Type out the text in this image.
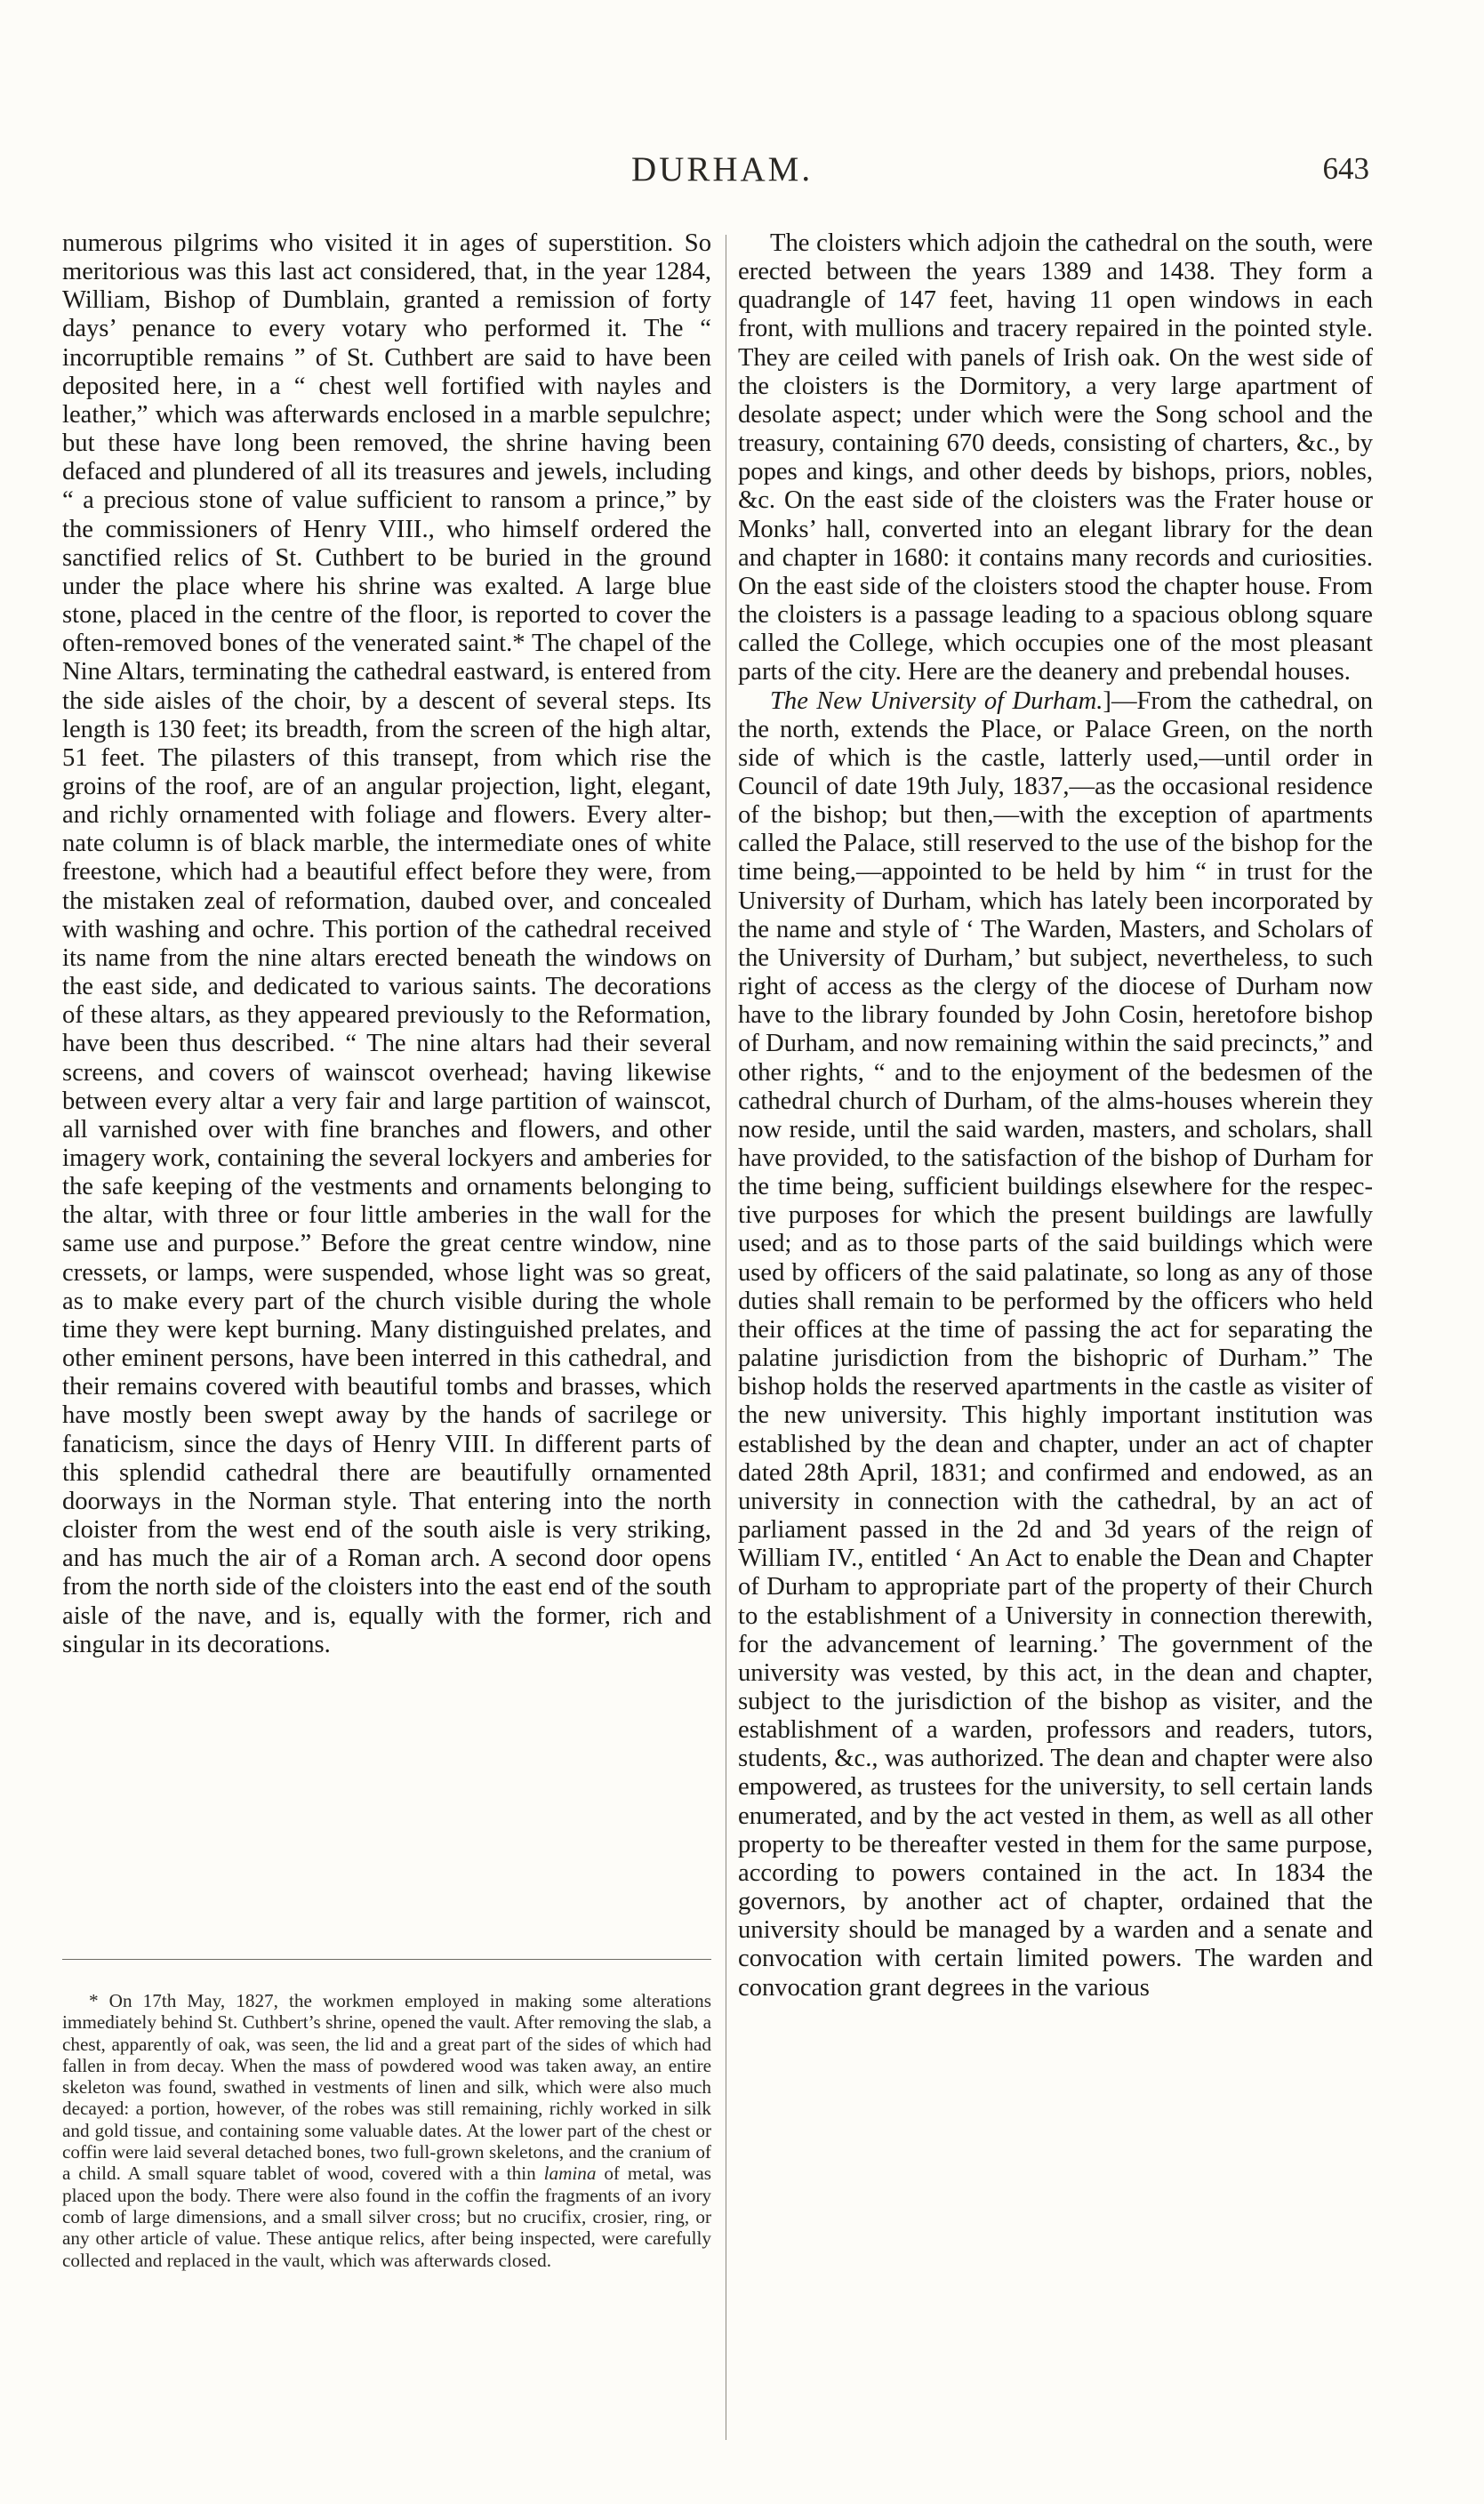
DURHAM.	643

numerous pilgrims who visited it in ages of superstition. So meritorious was this last act considered, that, in the year 1284, William, Bishop of Dumblain, granted a remission of forty days’ penance to every votary who performed it. The “ incorruptible remains ” of St. Cuthbert are said to have been deposited here, in a “ chest well fortified with nayles and leather,” which was afterwards enclosed in a marble sepulchre; but these have long been removed, the shrine having been defaced and plundered of all its treasures and jewels, including “ a precious stone of value sufficient to ransom a prince,” by the commissioners of Henry VIII., who himself ordered the sanctified relics of St. Cuthbert to be buried in the ground under the place where his shrine was exalted. A large blue stone, placed in the centre of the floor, is reported to cover the often-removed bones of the venerated saint.* The chapel of the Nine Altars, terminating the cathedral eastward, is entered from the side aisles of the choir, by a descent of several steps. Its length is 130 feet; its breadth, from the screen of the high altar, 51 feet. The pilasters of this transept, from which rise the groins of the roof, are of an angular projection, light, elegant, and richly ornamented with foliage and flowers. Every alternate column is of black marble, the intermediate ones of white freestone, which had a beautiful effect before they were, from the mistaken zeal of reformation, daubed over, and concealed with washing and ochre. This portion of the cathedral received its name from the nine altars erected beneath the windows on the east side, and dedicated to various saints. The decorations of these altars, as they appeared previously to the Reformation, have been thus described. “ The nine altars had their several screens, and covers of wainscot overhead; having likewise between every altar a very fair and large partition of wainscot, all varnished over with fine branches and flowers, and other imagery work, containing the several lockyers and amberies for the safe keeping of the vestments and ornaments belonging to the altar, with three or four little amberies in the wall for the same use and purpose.” Before the great centre window, nine cressets, or lamps, were suspended, whose light was so great, as to make every part of the church visible during the whole time they were kept burning. Many distinguished prelates, and other eminent persons, have been interred in this cathedral, and their remains covered with beautiful tombs and brasses, which have mostly been swept away by the hands of sacrilege or fanaticism, since the days of Henry VIII. In different parts of this splendid cathedral there are beautifully ornamented doorways in the Norman style. That entering into the north cloister from the west end of the south aisle is very striking, and has much the air of a Roman arch. A second door opens from the north side of the cloisters into the east end of the south aisle of the nave, and is, equally with the former, rich and singular in its decorations.

The cloisters which adjoin the cathedral on the south, were erected between the years 1389 and 1438. They form a quadrangle of 147 feet, having 11 open windows in each front, with mullions and tracery repaired in the pointed style. They are ceiled with panels of Irish oak. On the west side of the cloisters is the Dormitory, a very large apartment of desolate aspect; under which were the Song school and the treasury, containing 670 deeds, consisting of charters, &c., by popes and kings, and other deeds by bishops, priors, nobles, &c. On the east side of the cloisters was the Frater house or Monks’ hall, converted into an elegant library for the dean and chapter in 1680: it contains many records and curiosities. On the east side of the cloisters stood the chapter house. From the cloisters is a passage leading to a spacious oblong square called the College, which occupies one of the most pleasant parts of the city. Here are the deanery and prebendal houses.

The New University of Durham.]—From the cathedral, on the north, extends the Place, or Palace Green, on the north side of which is the castle, latterly used,—until order in Council of date 19th July, 1837,—as the occasional residence of the bishop; but then,—with the exception of apartments called the Palace, still reserved to the use of the bishop for the time being,—appointed to be held by him “ in trust for the University of Durham, which has lately been incorporated by the name and style of ‘ The Warden, Masters, and Scholars of the University of Durham,’ but subject, nevertheless, to such right of access as the clergy of the diocese of Durham now have to the library founded by John Cosin, heretofore bishop of Durham, and now remaining within the said precincts,” and other rights, “ and to the enjoyment of the bedesmen of the cathedral church of Durham, of the alms-houses wherein they now reside, until the said warden, masters, and scholars, shall have provided, to the satisfaction of the bishop of Durham for the time being, sufficient buildings elsewhere for the respective purposes for which the present buildings are lawfully used; and as to those parts of the said buildings which were used by officers of the said palatinate, so long as any of those duties shall remain to be performed by the officers who held their offices at the time of passing the act for separating the palatine jurisdiction from the bishopric of Durham.” The bishop holds the reserved apartments in the castle as visiter of the new university. This highly important institution was established by the dean and chapter, under an act of chapter dated 28th April, 1831; and confirmed and endowed, as an university in connection with the cathedral, by an act of parliament passed in the 2d and 3d years of the reign of William IV., entitled ‘ An Act to enable the Dean and Chapter of Durham to appropriate part of the property of their Church to the establishment of a University in connection therewith, for the advancement of learning.’ The government of the university was vested, by this act, in the dean and chapter, subject to the jurisdiction of the bishop as visiter, and the establishment of a warden, professors and readers, tutors, students, &c., was authorized. The dean and chapter were also empowered, as trustees for the university, to sell certain lands enumerated, and by the act vested in them, as well as all other property to be thereafter vested in them for the same purpose, according to powers contained in the act. In 1834 the governors, by another act of chapter, ordained that the university should be managed by a warden and a senate and convocation with certain limited powers. The warden and convocation grant degrees in the various

* On 17th May, 1827, the workmen employed in making some alterations immediately behind St. Cuthbert’s shrine, opened the vault. After removing the slab, a chest, apparently of oak, was seen, the lid and a great part of the sides of which had fallen in from decay. When the mass of powdered wood was taken away, an entire skeleton was found, swathed in vestments of linen and silk, which were also much decayed: a portion, however, of the robes was still remaining, richly worked in silk and gold tissue, and containing some valuable dates. At the lower part of the chest or coffin were laid several detached bones, two full-grown skeletons, and the cranium of a child. A small square tablet of wood, covered with a thin lamina of metal, was placed upon the body. There were also found in the coffin the fragments of an ivory comb of large dimensions, and a small silver cross; but no crucifix, crosier, ring, or any other article of value. These antique relics, after being inspected, were carefully collected and replaced in the vault, which was afterwards closed.
